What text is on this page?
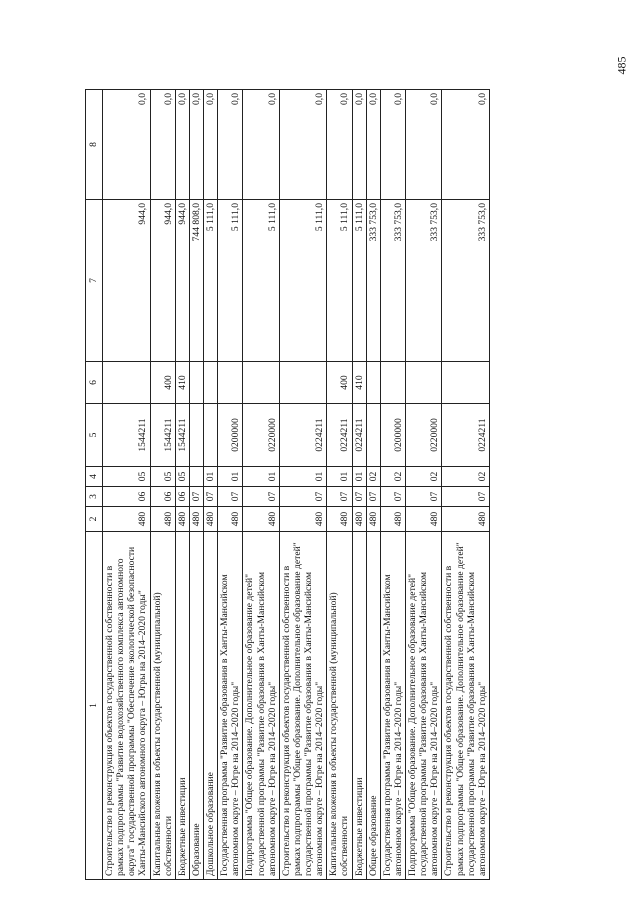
485
1	2	3	4	5	6	7	8
Строительство и реконструкция объектов государственной собственности в рамках подпрограммы "Развитие водохозяйственного комплекса автономного округа" государственной программы "Обеспечение экологической безопасности Ханты-Мансийского автономного округа – Югры на 2014–2020 годы"	480	06	05	1544211		944,0	0,0
Капитальные вложения в объекты государственной (муниципальной) собственности	480	06	05	1544211	400	944,0	0,0
Бюджетные инвестиции	480	06	05	1544211	410	944,0	0,0
Образование	480	07				744 808,0	0,0
Дошкольное образование	480	07	01			5 111,0	0,0
Государственная программа "Развитие образования в Ханты-Мансийском автономном округе – Югре на 2014–2020 годы"	480	07	01	0200000		5 111,0	0,0
Подпрограмма "Общее образование. Дополнительное образование детей" государственной программы "Развитие образования в Ханты-Мансийском автономном округе – Югре на 2014–2020 годы"	480	07	01	0220000		5 111,0	0,0
Строительство и реконструкция объектов государственной собственности в рамках подпрограммы "Общее образование. Дополнительное образование детей" государственной программы "Развитие образования в Ханты-Мансийском автономном округе – Югре на 2014–2020 годы"	480	07	01	0224211		5 111,0	0,0
Капитальные вложения в объекты государственной (муниципальной) собственности	480	07	01	0224211	400	5 111,0	0,0
Бюджетные инвестиции	480	07	01	0224211	410	5 111,0	0,0
Общее образование	480	07	02			333 753,0	0,0
Государственная программа "Развитие образования в Ханты-Мансийском автономном округе – Югре на 2014–2020 годы"	480	07	02	0200000		333 753,0	0,0
Подпрограмма "Общее образование. Дополнительное образование детей" государственной программы "Развитие образования в Ханты-Мансийском автономном округе – Югре на 2014–2020 годы"	480	07	02	0220000		333 753,0	0,0
Строительство и реконструкция объектов государственной собственности в рамках подпрограммы "Общее образование. Дополнительное образование детей" государственной программы "Развитие образования в Ханты-Мансийском автономном округе – Югре на 2014–2020 годы"	480	07	02	0224211		333 753,0	0,0
